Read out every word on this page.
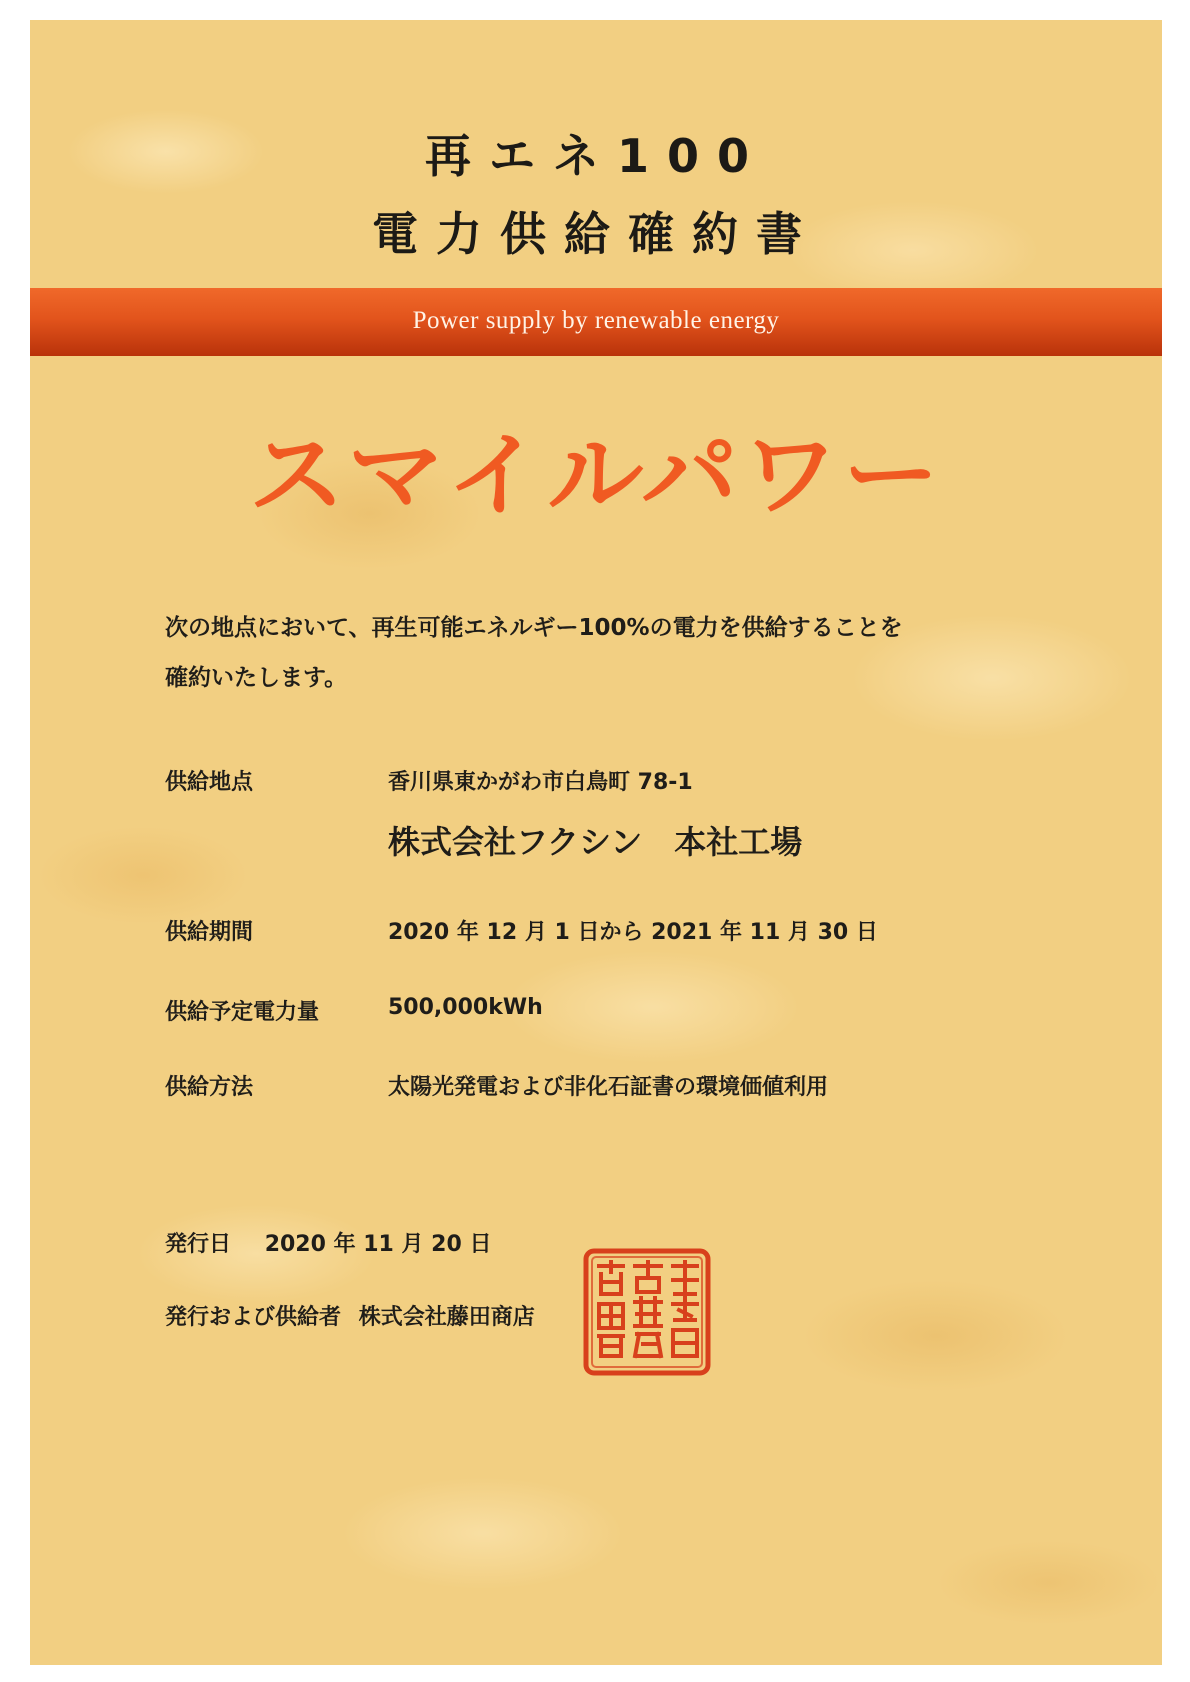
再エネ100
電力供給確約書
Power supply by renewable energy
スマイルパワー
次の地点において、再生可能エネルギー100%の電力を供給することを
確約いたします。
供給地点	香川県東かがわ市白鳥町 78-1
株式会社フクシン　本社工場
供給期間	2020 年 12 月 1 日から 2021 年 11 月 30 日
供給予定電力量	500,000kWh
供給方法	太陽光発電および非化石証書の環境価値利用
発行日 2020 年 11 月 20 日
発行および供給者 株式会社藤田商店
